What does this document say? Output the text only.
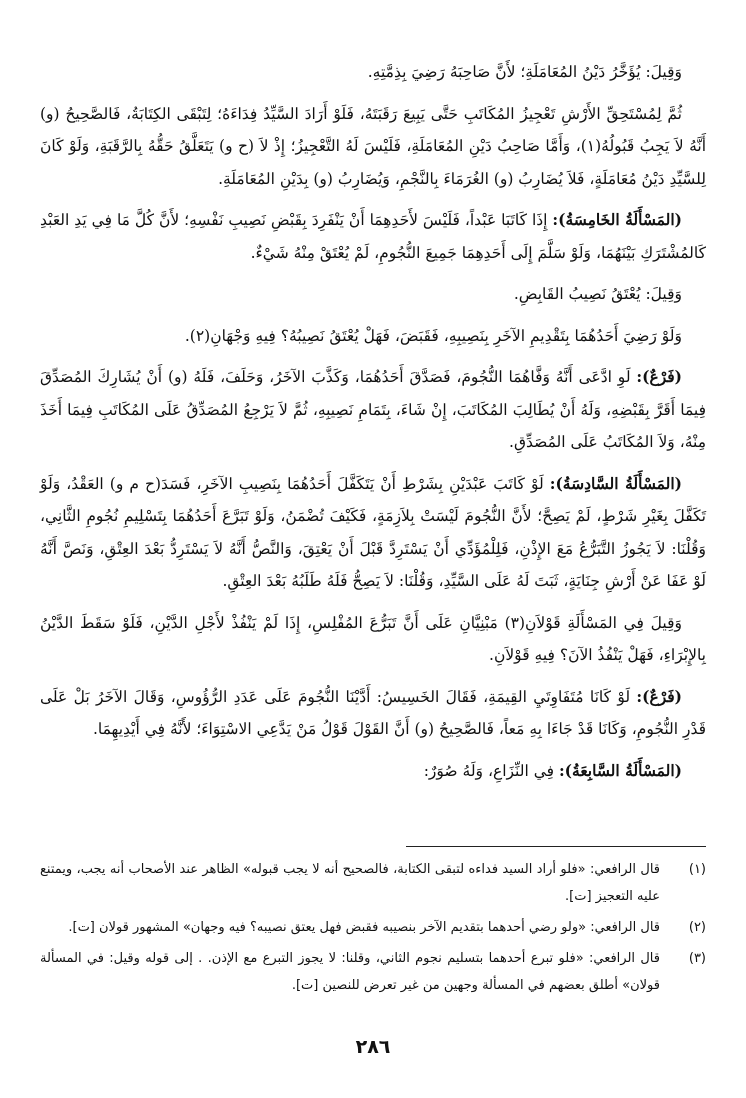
وَقِيلَ: يُؤَخَّرُ دَيْنُ المُعَامَلَةِ؛ لأَنَّ صَاحِبَهُ رَضِيَ بِذِمَّتِهِ.

ثُمَّ لِمُسْتَحِقِّ الأَرْشِ تَعْجِيزُ المُكَاتَبِ حَتَّى يَبِيعَ رَقَبَتَهُ، فَلَوْ أَرَادَ السَّيِّدُ فِدَاءَهُ؛ لِتَبْقَى الكِتَابَةُ، فَالصَّحِيحُ (و) أَنَّهُ لاَ يَجِبُ قَبُولُهُ(١)، وَأَمَّا صَاحِبُ دَيْنِ المُعَامَلَةِ، فَلَيْسَ لَهُ التَّعْجِيزُ؛ إِذْ لاَ (ح و) يَتَعَلَّقُ حَقُّهُ بِالرَّقَبَةِ، وَلَوْ كَانَ لِلسَّيِّدِ دَيْنُ مُعَامَلَةٍ، فَلاَ يُضَارِبُ (و) الغُرَمَاءَ بِالنَّجْمِ، وَيُضَارِبُ (و) بِدَيْنِ المُعَامَلَةِ.

(المَسْأَلَةُ الخَامِسَةُ): إِذَا كَاتَبَا عَبْداً، فَلَيْسَ لأَحَدِهِمَا أَنْ يَنْفَرِدَ بِقَبْضِ نَصِيبِ نَفْسِهِ؛ لأَنَّ كُلَّ مَا فِي يَدِ العَبْدِ كَالمُشْتَرَكِ بَيْنَهُمَا، وَلَوْ سَلَّمَ إِلَى أَحَدِهِمَا جَمِيعَ النُّجُومِ، لَمْ يُعْتَقْ مِنْهُ شَيْءٌ.

وَقِيلَ: يُعْتَقُ نَصِيبُ القَابِضِ.

وَلَوْ رَضِيَ أَحَدُهُمَا بِتَقْدِيمِ الآخَرِ بِنَصِيبِهِ، فَقَبَضَ، فَهَلْ يُعْتَقُ نَصِيبُهُ؟ فِيهِ وَجْهَانِ(٢).

(فَرْعٌ): لَوِ ادَّعَى أَنَّهُ وَفَّاهُمَا النُّجُومَ، فَصَدَّقَ أَحَدُهُمَا، وَكَذَّبَ الآخَرُ، وَحَلَفَ، فَلَهُ (و) أَنْ يُشَارِكَ المُصَدِّقَ فِيمَا أَقَرَّ بِقَبْضِهِ، وَلَهُ أَنْ يُطَالِبَ المُكَاتَبَ، إِنْ شَاءَ، بِتَمَامِ نَصِيبِهِ، ثُمَّ لاَ يَرْجِعُ المُصَدِّقُ عَلَى المُكَاتَبِ فِيمَا أَخَذَ مِنْهُ، وَلاَ المُكَاتَبُ عَلَى المُصَدِّقِ.

(المَسْأَلَةُ السَّادِسَةُ): لَوْ كَاتَبَ عَبْدَيْنِ بِشَرْطِ أَنْ يَتَكَفَّلَ أَحَدُهُمَا بِنَصِيبِ الآخَرِ، فَسَدَ(ح م و) العَقْدُ، وَلَوْ تَكَفَّلَ بِغَيْرِ شَرْطٍ، لَمْ يَصِحَّ؛ لأَنَّ النُّجُومَ لَيْسَتْ بِلاَزِمَةٍ، فَكَيْفَ تُضْمَنُ، وَلَوْ تَبَرَّعَ أَحَدُهُمَا بِتَسْلِيمِ نُجُومِ الثَّانِي، وَقُلْنَا: لاَ يَجُوزُ التَّبَرُّعُ مَعَ الإِذْنِ، فَلِلْمُؤَدِّي أَنْ يَسْتَرِدَّ قَبْلَ أَنْ يَعْتِقَ، وَالنَّصُّ أَنَّهُ لاَ يَسْتَرِدُّ بَعْدَ العِتْقِ، وَنَصَّ أَنَّهُ لَوْ عَفَا عَنْ أَرْشِ جِنَايَةٍ، ثَبَتَ لَهُ عَلَى السَّيِّدِ، وَقُلْنَا: لاَ يَصِحُّ فَلَهُ طَلَبُهُ بَعْدَ العِتْقِ.

وَقِيلَ فِي المَسْأَلَةِ قَوْلاَنِ(٣) مَبْنِيَّانِ عَلَى أَنَّ تَبَرُّعَ المُفْلِسِ، إِذَا لَمْ يَنْفُذْ لأَجْلِ الدَّيْنِ، فَلَوْ سَقَطَ الدَّيْنُ بِالإِبْرَاءِ، فَهَلْ يَنْفُذُ الآنَ؟ فِيهِ قَوْلاَنِ.

(فَرْعٌ): لَوْ كَانَا مُتَفَاوِتَيِ القِيمَةِ، فَقَالَ الخَسِيسُ: أَدَّيْنَا النُّجُومَ عَلَى عَدَدِ الرُّؤُوسِ، وَقَالَ الآخَرُ بَلْ عَلَى قَدْرِ النُّجُومِ، وَكَانَا قَدْ جَاءَا بِهِ مَعاً، فَالصَّحِيحُ (و) أَنَّ القَوْلَ قَوْلُ مَنْ يَدَّعِي الاسْتِوَاءَ؛ لأَنَّهُ فِي أَيْدِيهِمَا.

(المَسْأَلَةُ السَّابِعَةُ): فِي النِّزَاعِ، وَلَهُ صُوَرٌ:

(١)
قال الرافعي: «فلو أراد السيد فداءه لتبقى الكتابة، فالصحيح أنه لا يجب قبوله» الظاهر عند الأصحاب أنه يجب، ويمتنع عليه التعجيز [ت].
(٢)
قال الرافعي: «ولو رضي أحدهما بتقديم الآخر بنصيبه فقبض فهل يعتق نصيبه؟ فيه وجهان» المشهور قولان [ت].
(٣)
قال الرافعي: «فلو تبرع أحدهما بتسليم نجوم الثاني، وقلنا: لا يجوز التبرع مع الإذن. . إلى قوله وقيل: في المسألة قولان» أطلق بعضهم في المسألة وجهين من غير تعرض للنصين [ت].
٢٨٦
